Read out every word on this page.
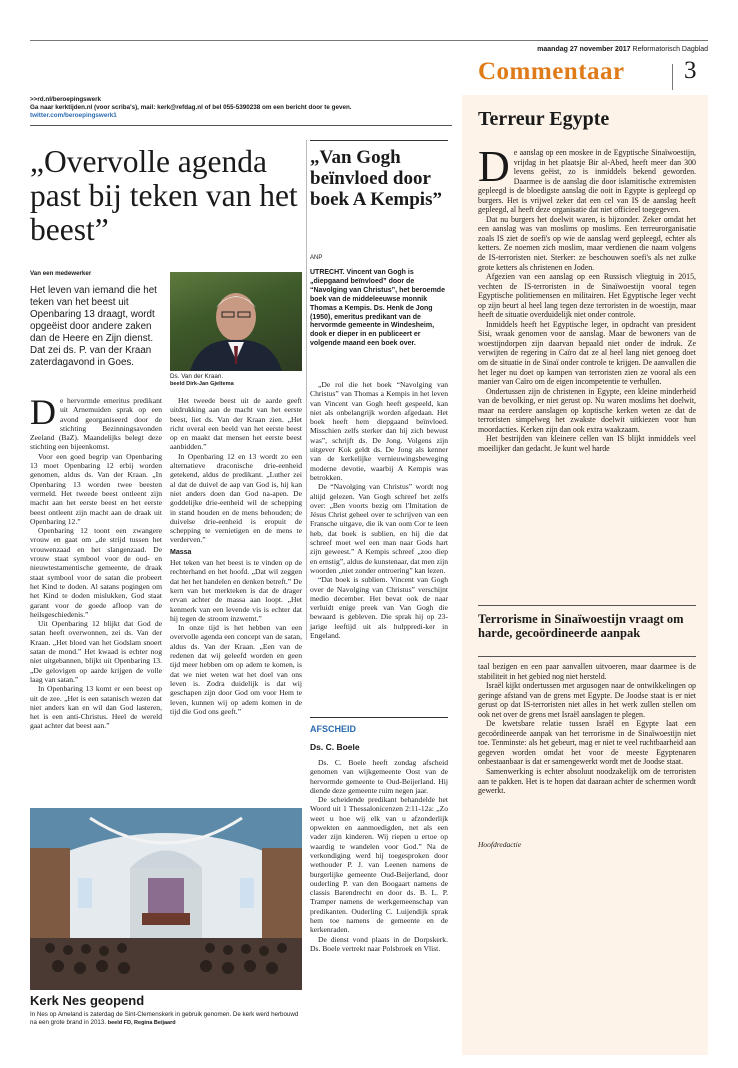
maandag 27 november 2017 Reformatorisch Dagblad
Commentaar 3
>>rd.nl/beroepingswerk
Ga naar kerktijden.nl (voor scriba's), mail: kerk@refdag.nl of bel 055-5390238 om een bericht door te geven.
twitter.com/beroepingswerk1
„Overvolle agenda past bij teken van het beest”
Van een medewerker
Het leven van iemand die het teken van het beest uit Openbaring 13 draagt, wordt opgeëist door andere zaken dan de Heere en Zijn dienst. Dat zei ds. P. van der Kraan zaterdagavond in Goes.
Ds. Van der Kraan.
beeld Dirk-Jan Gjeltema
D e hervormde emeritus predikant uit Arnemuiden sprak op een avond georganiseerd door de stichting Bezinningsavonden Zeeland (BaZ). Maandelijks belegt deze stichting een bijeenkomst.

Voor een goed begrip van Openbaring 13 moet Openbaring 12 erbij worden genomen, aldus ds. Van der Kraan. „In Openbaring 13 worden twee beesten vermeld. Het tweede beest ontleent zijn macht aan het eerste beest en het eerste beest ontleent zijn macht aan de draak uit Openbaring 12.”

Openbaring 12 toont een zwangere vrouw en gaat om „de strijd tussen het vrouwenzaad en het slangenzaad. De vrouw staat symbool voor de oud- en nieuwtestamentische gemeente, de draak staat symbool voor de satan die probeert het Kind te doden. Al satans pogingen om het Kind te doden mislukken, God staat garant voor de goede afloop van de heilsgeschiedenis.”

Uit Openbaring 12 blijkt dat God de satan heeft overwonnen, zei ds. Van der Kraan. „Het bloed van het Godslam snoert satan de mond.” Het kwaad is echter nog niet uitgebannen, blijkt uit Openbaring 13. „De gelovigen op aarde krijgen de volle laag van satan.”

In Openbaring 13 komt er een beest op uit de zee. „Het is een satanisch wezen dat niet anders kan en wil dan God lasteren, het is een anti-Christus. Heel de wereld gaat achter dat beest aan.”

Het tweede beest uit de aarde geeft uitdrukking aan de macht van het eerste beest, liet ds. Van der Kraan zien. „Het richt overal een beeld van het eerste beest op en maakt dat mensen het eerste beest aanbidden.”

In Openbaring 12 en 13 wordt zo een alternatieve draconische drie-eenheid getekend, aldus de predikant. „Luther zei al dat de duivel de aap van God is, hij kan niet anders doen dan God na-apen. De goddelijke drie-eenheid wil de schepping in stand houden en de mens behouden; de duivelse drie-eenheid is eropuit de schepping te vernietigen en de mens te verderven.”

Massa

Het teken van het beest is te vinden op de rechterhand en het hoofd. „Dat wil zeggen dat het het handelen en denken betreft.” De kern van het merkteken is dat de drager ervan achter de massa aan loopt. „Het kenmerk van een levende vis is echter dat hij tegen de stroom inzwemt.”

In onze tijd is het hebben van een overvolle agenda een concept van de satan, aldus ds. Van der Kraan. „Een van de redenen dat wij geleefd worden en geen tijd meer hebben om op adem te komen, is dat we niet weten wat het doel van ons leven is. Zodra duidelijk is dat wij geschapen zijn door God om voor Hem te leven, kunnen wij op adem komen in de tijd die God ons geeft.”

Kerk Nes geopend
In Nes op Ameland is zaterdag de Sint-Clemenskerk in gebruik genomen. De kerk werd herbouwd na een grote brand in 2013. beeld FD, Regina Beijaard
„Van Gogh beïnvloed door boek A Kempis”
ANP
UTRECHT. Vincent van Gogh is „diepgaand beïnvloed” door de “Navolging van Christus”, het beroemde boek van de middeleeuwse monnik Thomas a Kempis. Ds. Henk de Jong (1950), emeritus predikant van de hervormde gemeente in Windesheim, dook er dieper in en publiceert er volgende maand een boek over.

„De rol die het boek “Navolging van Christus” van Thomas a Kempis in het leven van Vincent van Gogh heeft gespeeld, kan niet als onbelangrijk worden afgedaan. Het boek heeft hem diepgaand beïnvloed. Misschien zelfs sterker dan hij zich bewust was”, schrijft ds. De Jong. Volgens zijn uitgever Kok geldt ds. De Jong als kenner van de kerkelijke vernieuwingsbeweging moderne devotie, waarbij A Kempis was betrokken.

De “Navolging van Christus” wordt nog altijd gelezen. Van Gogh schreef het zelfs over: „Ben voorts bezig om l'Imitation de Jésus Christ geheel over te schrijven van een Fransche uitgave, die ik van oom Cor te leen heb, dat boek is sublien, en hij die dat schreef moet wel een man naar Gods hart zijn geweest.” A Kempis schreef „zoo diep en ernstig”, aldus de kunstenaar, dat men zijn woorden „niet zonder ontroering” kan lezen.

“Dat boek is subliem. Vincent van Gogh over de Navolging van Christus” verschijnt medio december. Het bevat ook de naar verluidt enige preek van Van Gogh die bewaard is gebleven. Die sprak hij op 23-jarige leeftijd uit als hulppredi-ker in Engeland.

AFSCHEID
Ds. C. Boele

Ds. C. Boele heeft zondag afscheid genomen van wijkgemeente Oost van de hervormde gemeente te Oud-Beijerland. Hij diende deze gemeente ruim negen jaar.

De scheidende predikant behandelde het Woord uit 1 Thessalonicenzen 2:11-12a: „Zo weet u hoe wij elk van u afzonderlijk opwekten en aanmoedigden, net als een vader zijn kinderen. Wij riepen u ertoe op waardig te wandelen voor God.” Na de verkondiging werd hij toegesproken door wethouder P. J. van Leenen namens de burgerlijke gemeente Oud-Beijerland, door ouderling P. van den Boogaart namens de classis Barendrecht en door ds. B. L. P. Tramper namens de werkgemeenschap van predikanten. Ouderling C. Luijendijk sprak hem toe namens de gemeente en de kerkenraden.

De dienst vond plaats in de Dorpskerk. Ds. Boele vertrekt naar Polsbroek en Vlist.

Terreur Egypte
D e aanslag op een moskee in de Egyptische Sinaïwoestijn, vrijdag in het plaatsje Bir al-Abed, heeft meer dan 300 levens geëist, zo is inmiddels bekend geworden. Daarmee is de aanslag die door islamitische extremisten gepleegd is de bloedigste aanslag die ooit in Egypte is gepleegd op burgers. Het is vrijwel zeker dat een cel van IS de aanslag heeft gepleegd, al heeft deze organisatie dat niet officieel toegegeven.

Dat nu burgers het doelwit waren, is bijzonder. Zeker omdat het een aanslag was van moslims op moslims. Een terreurorganisatie zoals IS ziet de soefi's op wie de aanslag werd gepleegd, echter als ketters. Ze noemen zich moslim, maar verdienen die naam volgens de IS-terroristen niet. Sterker: ze beschouwen soefi's als net zulke grote ketters als christenen en Joden.

Afgezien van een aanslag op een Russisch vliegtuig in 2015, vechten de IS-terroristen in de Sinaïwoestijn vooral tegen Egyptische politiemensen en militairen. Het Egyptische leger vecht op zijn beurt al heel lang tegen deze terroristen in de woestijn, maar heeft de situatie overduidelijk niet onder controle.

Inmiddels heeft het Egyptische leger, in opdracht van president Sisi, wraak genomen voor de aanslag. Maar de bewoners van de woestijndorpen zijn daarvan bepaald niet onder de indruk. Ze verwijten de regering in Caïro dat ze al heel lang niet genoeg doet om de situatie in de Sinaï onder controle te krijgen. De aanvallen die het leger nu doet op kampen van terroristen zien ze vooral als een manier van Caïro om de eigen incompetentie te verhullen.

Ondertussen zijn de christenen in Egypte, een kleine minderheid van de bevolking, er niet gerust op. Nu waren moslims het doelwit, maar na eerdere aanslagen op koptische kerken weten ze dat de terroristen simpelweg het zwakste doelwit uitkiezen voor hun moordacties. Kerken zijn dan ook extra waakzaam.

Het bestrijden van kleinere cellen van IS blijkt inmiddels veel moeilijker dan gedacht. Je kunt wel harde

Terrorisme in Sinaïwoestijn vraagt om harde, gecoördineerde aanpak

taal bezigen en een paar aanvallen uitvoeren, maar daarmee is de stabiliteit in het gebied nog niet hersteld.

Israël kijkt ondertussen met argusogen naar de ontwikkelingen op geringe afstand van de grens met Egypte. De Joodse staat is er niet gerust op dat IS-terroristen niet alles in het werk zullen stellen om ook net over de grens met Israël aanslagen te plegen.

De kwetsbare relatie tussen Israël en Egypte laat een gecoördineerde aanpak van het terrorisme in de Sinaïwoestijn niet toe. Tenminste: als het gebeurt, mag er niet te veel ruchtbaarheid aan gegeven worden omdat het voor de meeste Egyptenaren onbestaanbaar is dat er samengewerkt wordt met de Joodse staat.

Samenwerking is echter absoluut noodzakelijk om de terroristen aan te pakken. Het is te hopen dat daaraan achter de schermen wordt gewerkt.

Hoofdredactie
